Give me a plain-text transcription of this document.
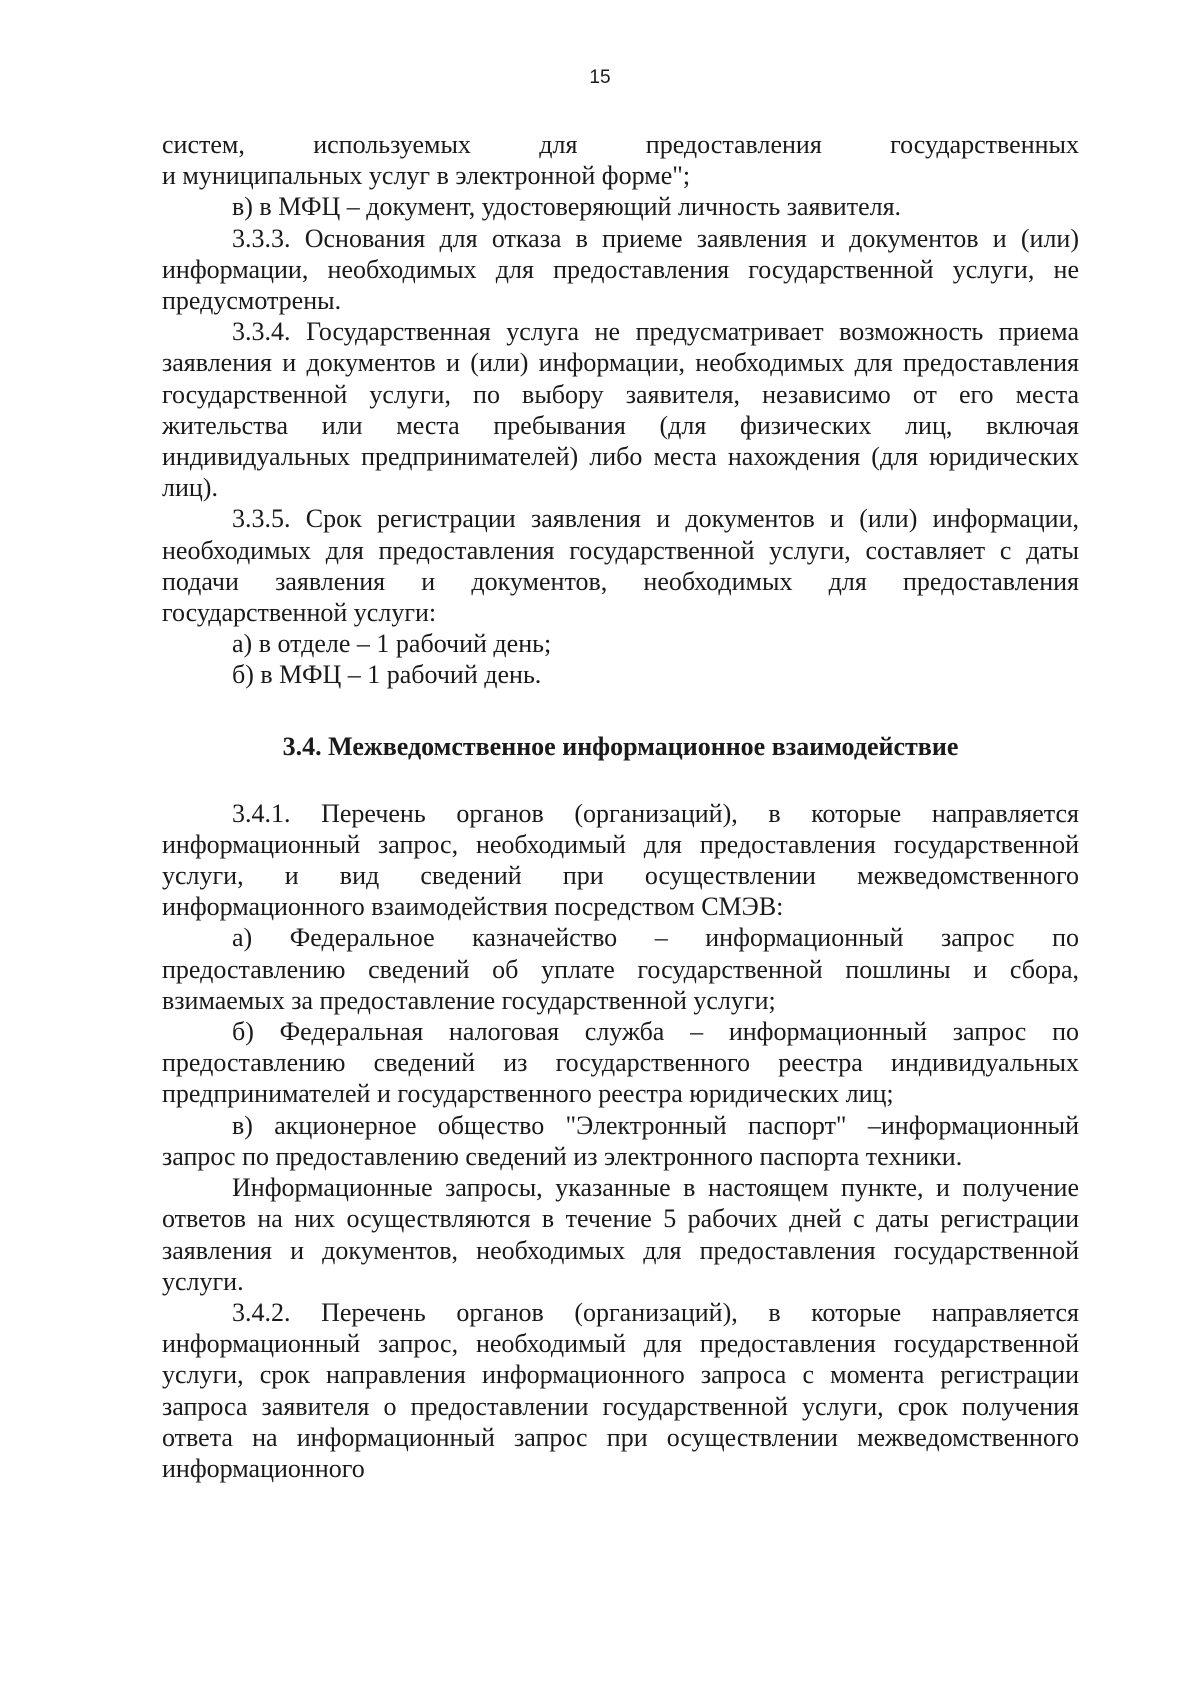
15
систем, используемых для предоставления государственных
и муниципальных услуг в электронной форме";
в) в МФЦ – документ, удостоверяющий личность заявителя.
3.3.3. Основания для отказа в приеме заявления и документов и (или) информации, необходимых для предоставления государственной услуги, не предусмотрены.
3.3.4. Государственная услуга не предусматривает возможность приема заявления и документов и (или) информации, необходимых для предоставления государственной услуги, по выбору заявителя, независимо от его места жительства или места пребывания (для физических лиц, включая индивидуальных предпринимателей) либо места нахождения (для юридических лиц).
3.3.5. Срок регистрации заявления и документов и (или) информации, необходимых для предоставления государственной услуги, составляет с даты подачи заявления и документов, необходимых для предоставления государственной услуги:
а) в отделе – 1 рабочий день;
б) в МФЦ – 1 рабочий день.
3.4. Межведомственное информационное взаимодействие
3.4.1. Перечень органов (организаций), в которые направляется информационный запрос, необходимый для предоставления государственной услуги, и вид сведений при осуществлении межведомственного информационного взаимодействия посредством СМЭВ:
а) Федеральное казначейство – информационный запрос по предоставлению сведений об уплате государственной пошлины и сбора, взимаемых за предоставление государственной услуги;
б) Федеральная налоговая служба – информационный запрос по предоставлению сведений из государственного реестра индивидуальных предпринимателей и государственного реестра юридических лиц;
в) акционерное общество "Электронный паспорт" –информационный запрос по предоставлению сведений из электронного паспорта техники.
Информационные запросы, указанные в настоящем пункте, и получение ответов на них осуществляются в течение 5 рабочих дней с даты регистрации заявления и документов, необходимых для предоставления государственной услуги.
3.4.2. Перечень органов (организаций), в которые направляется информационный запрос, необходимый для предоставления государственной услуги, срок направления информационного запроса с момента регистрации запроса заявителя о предоставлении государственной услуги, срок получения ответа на информационный запрос при осуществлении межведомственного информационного
